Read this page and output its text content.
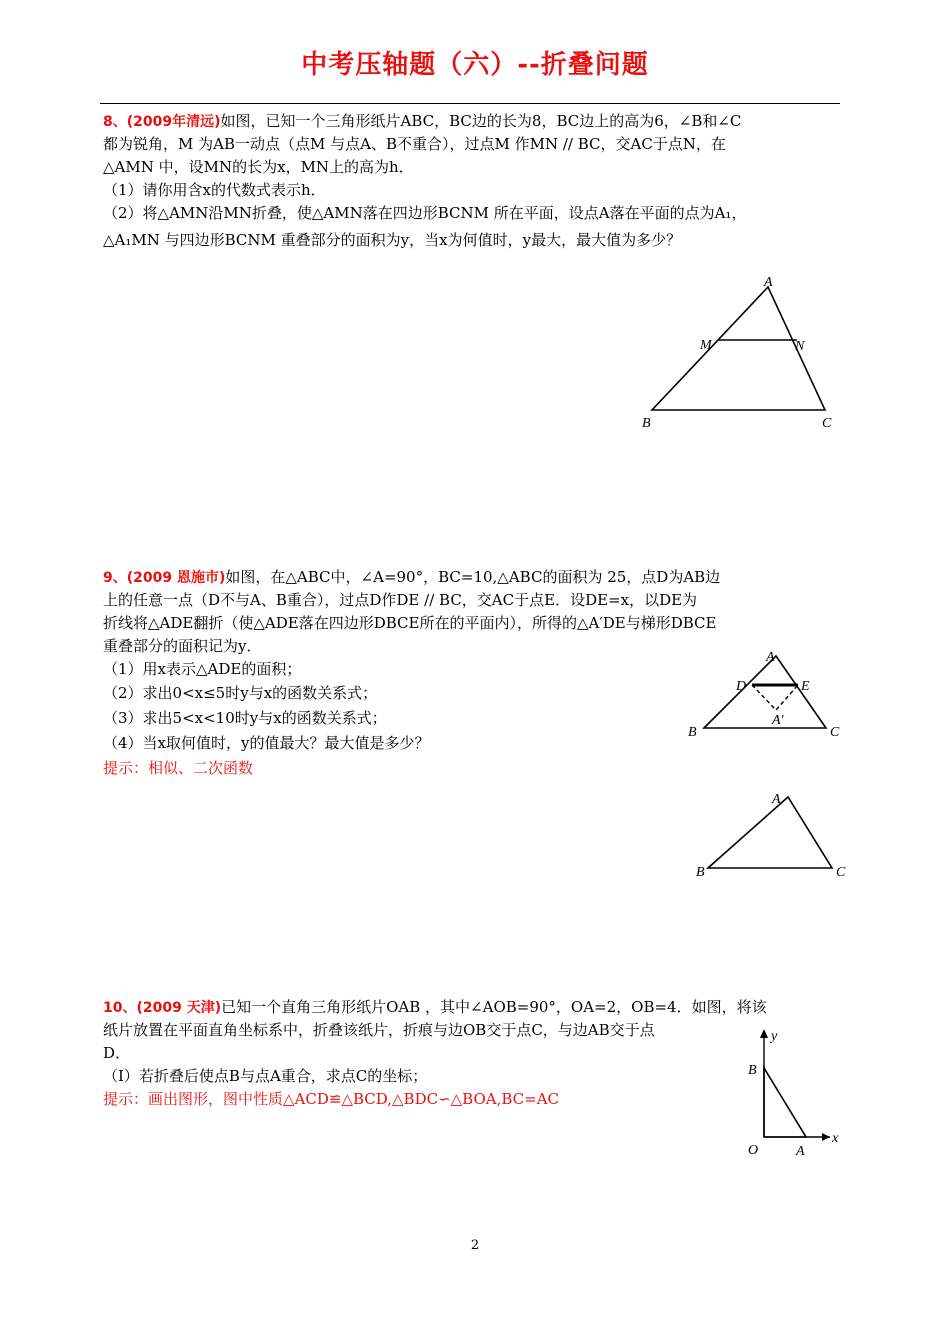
中考压轴题（六）--折叠问题
8、(2009年清远)如图，已知一个三角形纸片ABC，BC边的长为8，BC边上的高为6，∠B和∠C
都为锐角，M 为AB一动点（点M 与点A、B不重合），过点M 作MN // BC，交AC于点N，在
△AMN 中，设MN的长为x，MN上的高为h．
（1）请你用含x的代数式表示h．
（2）将△AMN沿MN折叠，使△AMN落在四边形BCNM 所在平面，设点A落在平面的点为A₁，
△A₁MN 与四边形BCNM 重叠部分的面积为y，当x为何值时，y最大，最大值为多少？
A
M	N
B	C
9、(2009 恩施市)如图，在△ABC中，∠A=90°，BC=10,△ABC的面积为 25，点D为AB边
上的任意一点（D不与A、B重合），过点D作DE // BC，交AC于点E．设DE=x，以DE为
折线将△ADE翻折（使△ADE落在四边形DBCE所在的平面内），所得的△A′DE与梯形DBCE
重叠部分的面积记为y．
（1）用x表示△ADE的面积；
（2）求出0<x≤5时y与x的函数关系式；
（3）求出5<x<10时y与x的函数关系式；
（4）当x取何值时，y的值最大？最大值是多少？
提示：相似、二次函数
A
D	E
A′
B	C
A
B	C
10、(2009 天津)已知一个直角三角形纸片OAB ，其中∠AOB=90°，OA=2，OB=4．如图，将该
纸片放置在平面直角坐标系中，折叠该纸片，折痕与边OB交于点C，与边AB交于点
D．
（Ⅰ）若折叠后使点B与点A重合，求点C的坐标；
提示：画出图形，图中性质△ACD≌△BCD,△BDC∽△BOA,BC=AC
y
x
B
O	A
2
